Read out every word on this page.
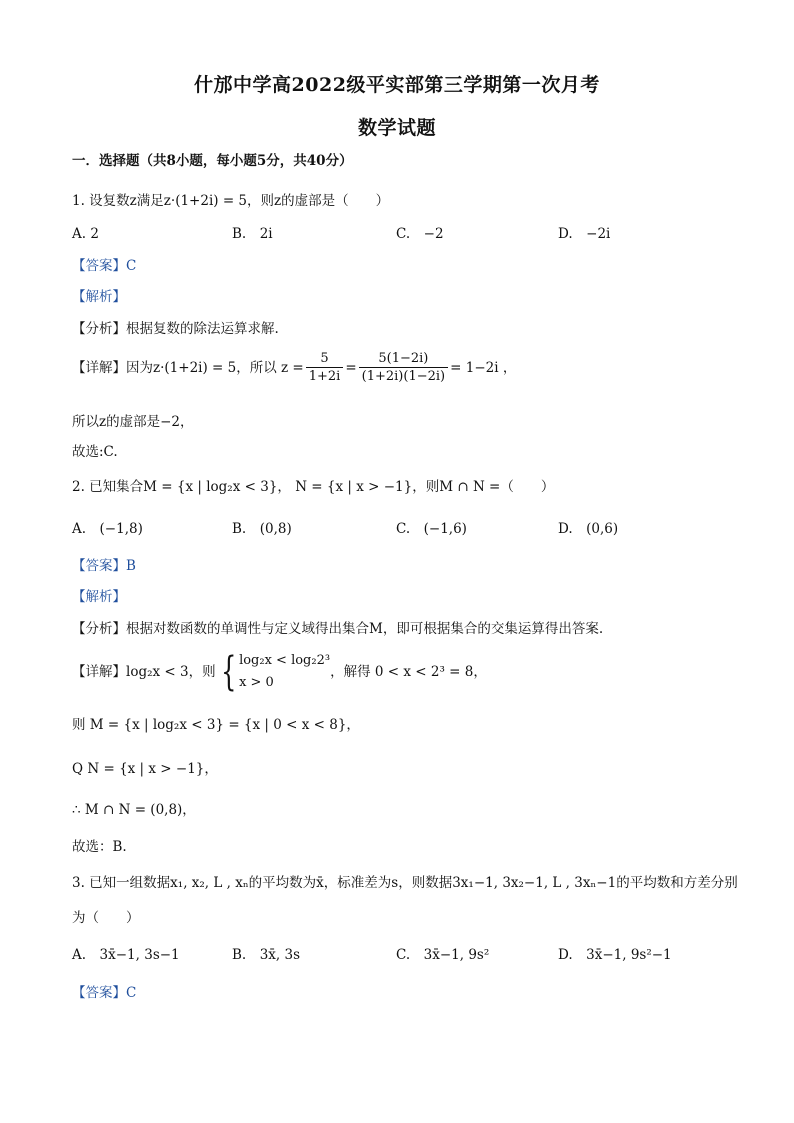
什邡中学高2022级平实部第三学期第一次月考
数学试题
一．选择题（共8小题，每小题5分，共40分）
1. 设复数z满足z·(1+2i) = 5，则z的虚部是（　　）
A. 2	B.　2i	C.　−2	D.　−2i
【答案】C
【解析】
【分析】根据复数的除法运算求解.
【详解】因为z·(1+2i) = 5，所以 $z = \frac{5}{1+2i} = \frac{5(1-2i)}{(1+2i)(1-2i)} = 1-2i$ ，
所以z的虚部是−2，
故选:C.
2. 已知集合M = {x | log₂x < 3}， N = {x | x > −1}，则M ∩ N =（　　）
A.　(−1,8)	B.　(0,8)	C.　(−1,6)	D.　(0,6)
【答案】B
【解析】
【分析】根据对数函数的单调性与定义域得出集合M，即可根据集合的交集运算得出答案.
【详解】log₂x < 3，则 { log₂x < log₂2³
x > 0
，解得 0 < x < 2³ = 8，
则 M = {x | log₂x < 3} = {x | 0 < x < 8}，
Q N = {x | x > −1}，
∴ M ∩ N = (0,8)，
故选：B.
3. 已知一组数据x₁, x₂, L , xₙ的平均数为x̄，标准差为s，则数据3x₁−1, 3x₂−1, L , 3xₙ−1的平均数和方差分别
为（　　）
A.　3x̄−1, 3s−1	B.　3x̄, 3s	C.　3x̄−1, 9s²	D.　3x̄−1, 9s²−1
【答案】C
